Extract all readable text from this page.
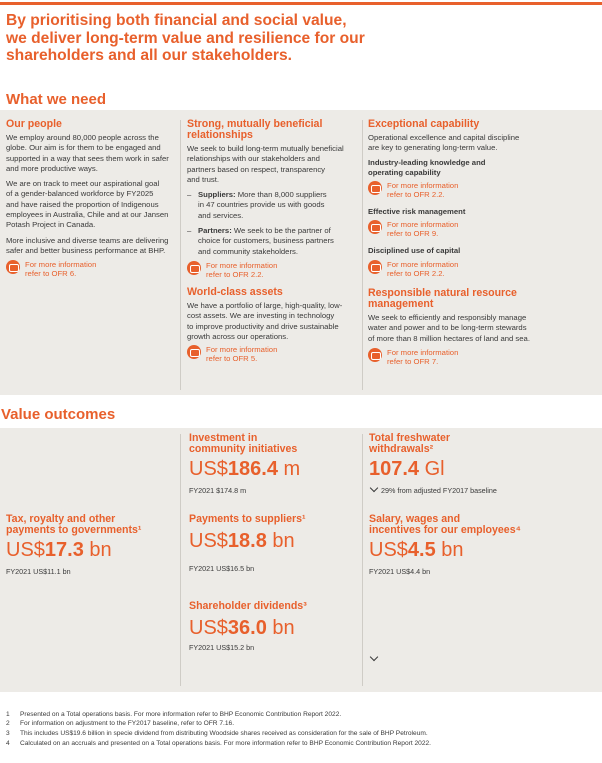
By prioritising both financial and social value,
we deliver long-term value and resilience for our
shareholders and all our stakeholders.
What we need
Our people
We employ around 80,000 people across the
globe. Our aim is for them to be engaged and
supported in a way that sees them work in safer
and more productive ways.
We are on track to meet our aspirational goal
of a gender-balanced workforce by FY2025
and have raised the proportion of Indigenous
employees in Australia, Chile and at our Jansen
Potash Project in Canada.
More inclusive and diverse teams are delivering
safer and better business performance at BHP.
For more information
refer to OFR 6.
Strong, mutually beneficial
relationships
We seek to build long-term mutually beneficial
relationships with our stakeholders and
partners based on respect, transparency
and trust.
– Suppliers: More than 8,000 suppliers
in 47 countries provide us with goods
and services.
– Partners: We seek to be the partner of
choice for customers, business partners
and community stakeholders.
For more information
refer to OFR 2.2.
World-class assets
We have a portfolio of large, high-quality, low-
cost assets. We are investing in technology
to improve productivity and drive sustainable
growth across our operations.
For more information
refer to OFR 5.
Exceptional capability
Operational excellence and capital discipline
are key to generating long-term value.
Industry-leading knowledge and
operating capability
For more information
refer to OFR 2.2.
Effective risk management
For more information
refer to OFR 9.
Disciplined use of capital
For more information
refer to OFR 2.2.
Responsible natural resource
management
We seek to efficiently and responsibly manage
water and power and to be long-term stewards
of more than 8 million hectares of land and sea.
For more information
refer to OFR 7.
Value outcomes
Tax, royalty and other
payments to governments¹
US$17.3 bn
FY2021 US$11.1 bn
Investment in
community initiatives
US$186.4 m
FY2021 $174.8 m
Payments to suppliers¹
US$18.8 bn
FY2021 US$16.5 bn
Shareholder dividends³
US$36.0 bn
FY2021 US$15.2 bn
Total freshwater
withdrawals²
107.4 Gl
29% from adjusted FY2017 baseline
Salary, wages and
incentives for our employees⁴
US$4.5 bn
FY2021 US$4.4 bn
1 Presented on a Total operations basis. For more information refer to BHP Economic Contribution Report 2022.
2 For information on adjustment to the FY2017 baseline, refer to OFR 7.16.
3 This includes US$19.6 billion in specie dividend from distributing Woodside shares received as consideration for the sale of BHP Petroleum.
4 Calculated on an accruals and presented on a Total operations basis. For more information refer to BHP Economic Contribution Report 2022.
